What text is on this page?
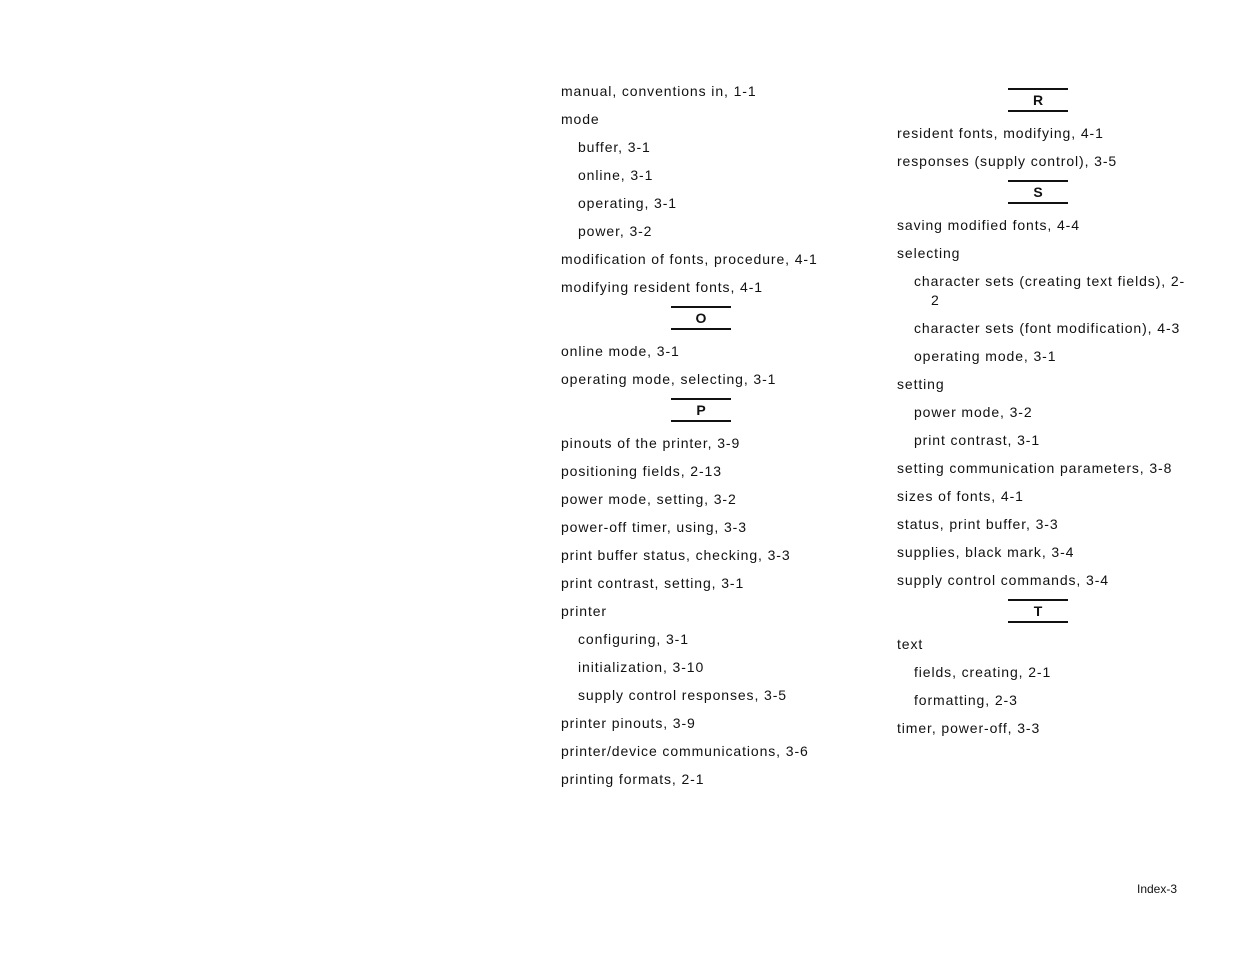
manual, conventions in, 1-1
mode
buffer, 3-1
online, 3-1
operating, 3-1
power, 3-2
modification of fonts, procedure, 4-1
modifying resident fonts, 4-1
O
online mode, 3-1
operating mode, selecting, 3-1
P
pinouts of the printer, 3-9
positioning fields, 2-13
power mode, setting, 3-2
power-off timer, using, 3-3
print buffer status, checking, 3-3
print contrast, setting, 3-1
printer
configuring, 3-1
initialization, 3-10
supply control responses, 3-5
printer pinouts, 3-9
printer/device communications, 3-6
printing formats, 2-1
R
resident fonts, modifying, 4-1
responses (supply control), 3-5
S
saving modified fonts, 4-4
selecting
character sets (creating text fields), 2-2
character sets (font modification), 4-3
operating mode, 3-1
setting
power mode, 3-2
print contrast, 3-1
setting communication parameters, 3-8
sizes of fonts, 4-1
status, print buffer, 3-3
supplies, black mark, 3-4
supply control commands, 3-4
T
text
fields, creating, 2-1
formatting, 2-3
timer, power-off, 3-3
Index-3
